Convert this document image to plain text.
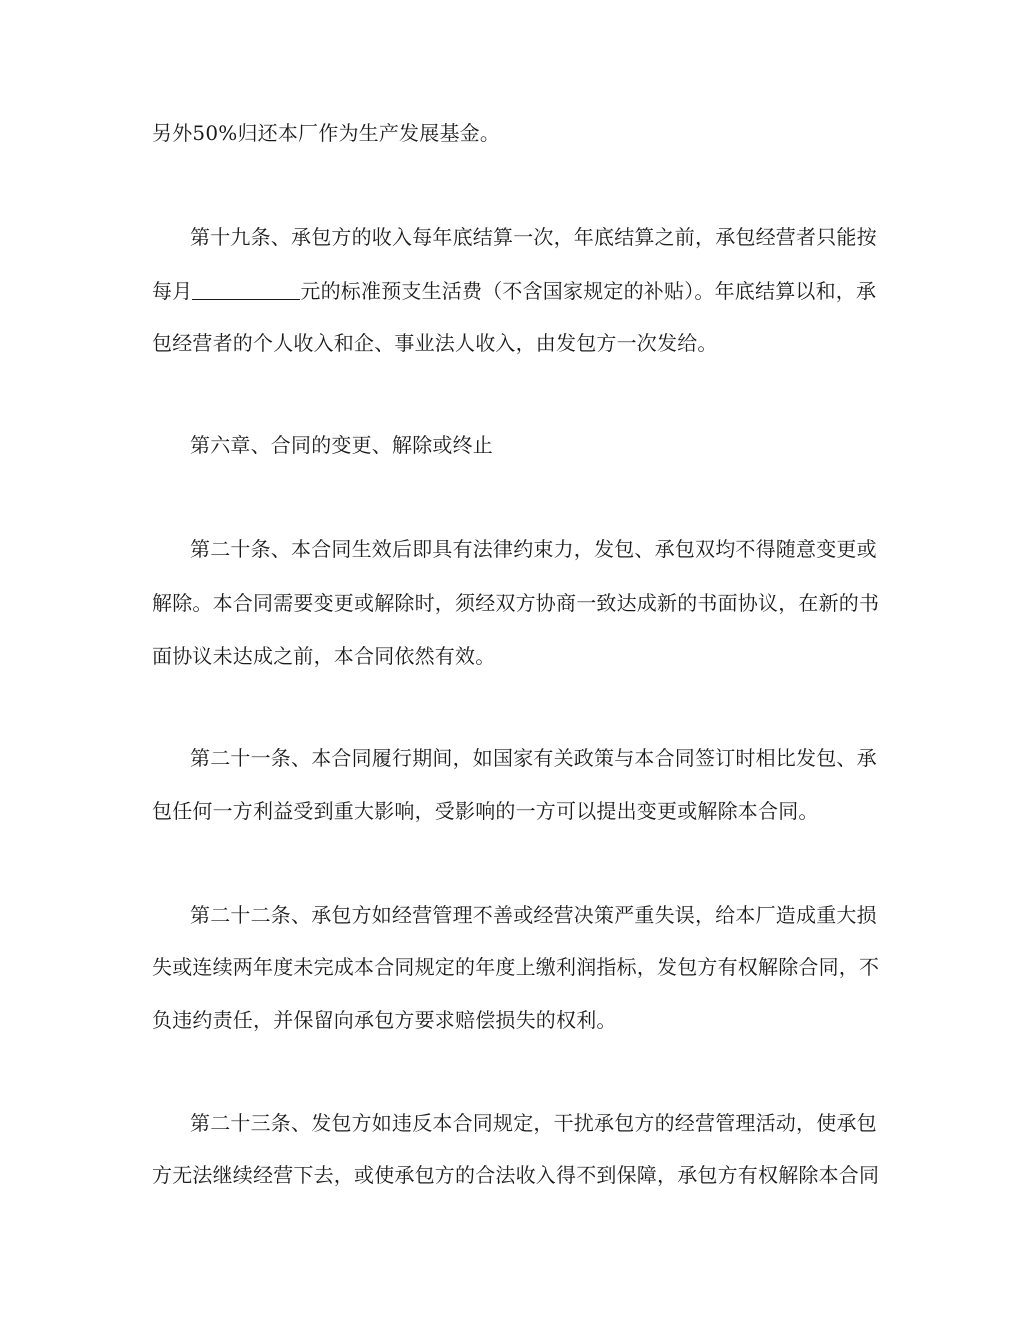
另外50%归还本厂作为生产发展基金。
第十九条、承包方的收入每年底结算一次，年底结算之前，承包经营者只能按
每月	元的标准预支生活费（不含国家规定的补贴）。年底结算以和，承
包经营者的个人收入和企、事业法人收入，由发包方一次发给。
第六章、合同的变更、解除或终止
第二十条、本合同生效后即具有法律约束力，发包、承包双均不得随意变更或
解除。本合同需要变更或解除时，须经双方协商一致达成新的书面协议，在新的书
面协议未达成之前，本合同依然有效。
第二十一条、本合同履行期间，如国家有关政策与本合同签订时相比发包、承
包任何一方利益受到重大影响，受影响的一方可以提出变更或解除本合同。
第二十二条、承包方如经营管理不善或经营决策严重失误，给本厂造成重大损
失或连续两年度未完成本合同规定的年度上缴利润指标，发包方有权解除合同，不
负违约责任，并保留向承包方要求赔偿损失的权利。
第二十三条、发包方如违反本合同规定，干扰承包方的经营管理活动，使承包
方无法继续经营下去，或使承包方的合法收入得不到保障，承包方有权解除本合同
